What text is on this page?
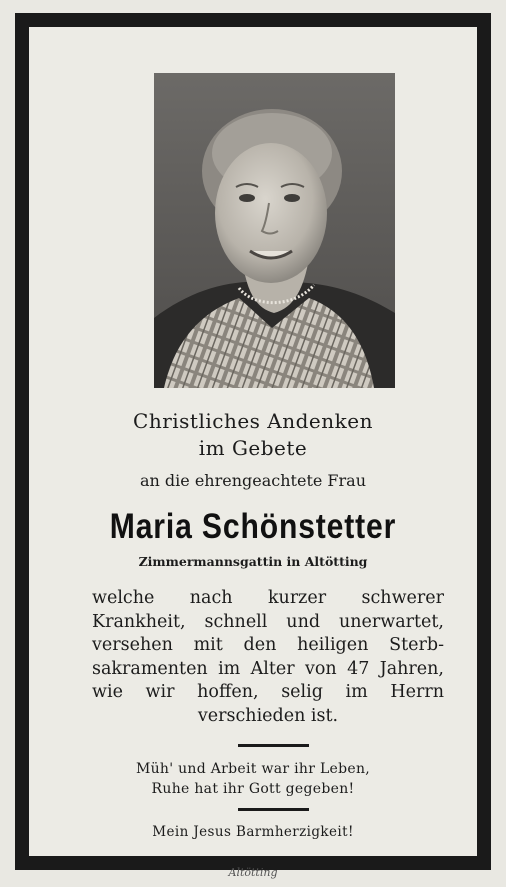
Christliches Andenken
im Gebete
an die ehrengeachtete Frau
Maria Schönstetter
Zimmermannsgattin in Altötting
welche nach kurzer schwerer
Krankheit, schnell und unerwartet,
versehen mit den heiligen Sterb-
sakramenten im Alter von 47 Jahren,
wie wir hoffen, selig im Herrn
verschieden ist.
Müh' und Arbeit war ihr Leben,
Ruhe hat ihr Gott gegeben!
Mein Jesus Barmherzigkeit!
Altötting
